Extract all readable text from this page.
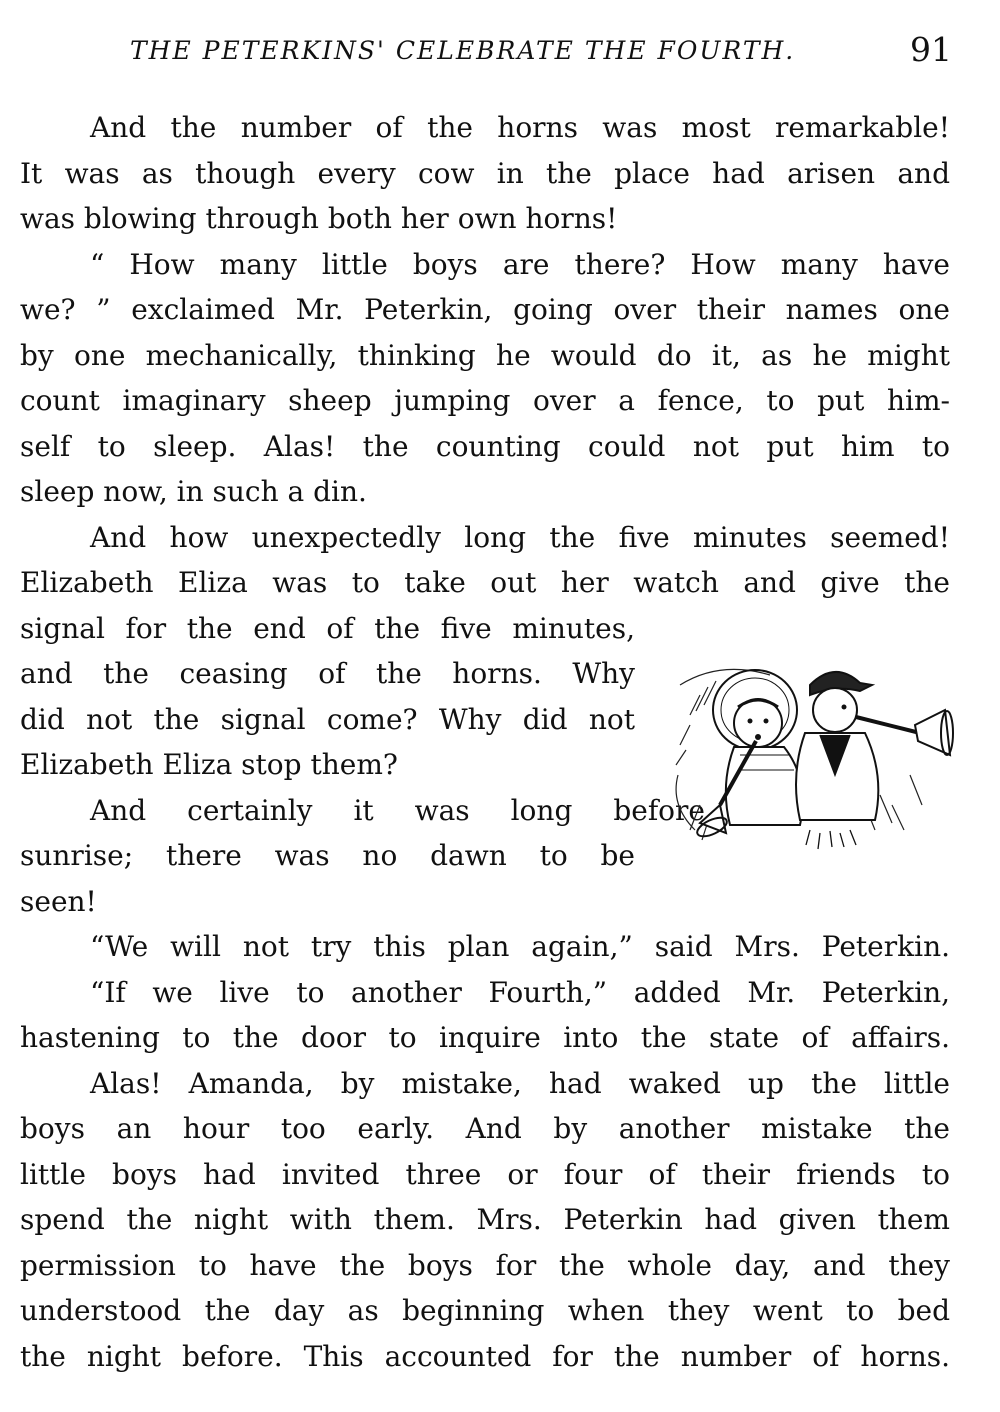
THE PETERKINS' CELEBRATE THE FOURTH.	91
And the number of the horns was most remarkable!
It was as though every cow in the place had arisen and
was blowing through both her own horns!
“ How many little boys are there? How many have
we? ” exclaimed Mr. Peterkin, going over their names one
by one mechanically, thinking he would do it, as he might
count imaginary sheep jumping over a fence, to put him-
self to sleep. Alas! the counting could not put him to
sleep now, in such a din.
And how unexpectedly long the five minutes seemed!
Elizabeth Eliza was to take out her watch and give the
signal for the end of the five minutes,
and the ceasing of the horns. Why
did not the signal come? Why did not
Elizabeth Eliza stop them?
And certainly it was long before
sunrise; there was no dawn to be
seen!
“We will not try this plan again,” said Mrs. Peterkin.
“If we live to another Fourth,” added Mr. Peterkin,
hastening to the door to inquire into the state of affairs.
Alas! Amanda, by mistake, had waked up the little
boys an hour too early. And by another mistake the
little boys had invited three or four of their friends to
spend the night with them. Mrs. Peterkin had given them
permission to have the boys for the whole day, and they
understood the day as beginning when they went to bed
the night before. This accounted for the number of horns.
